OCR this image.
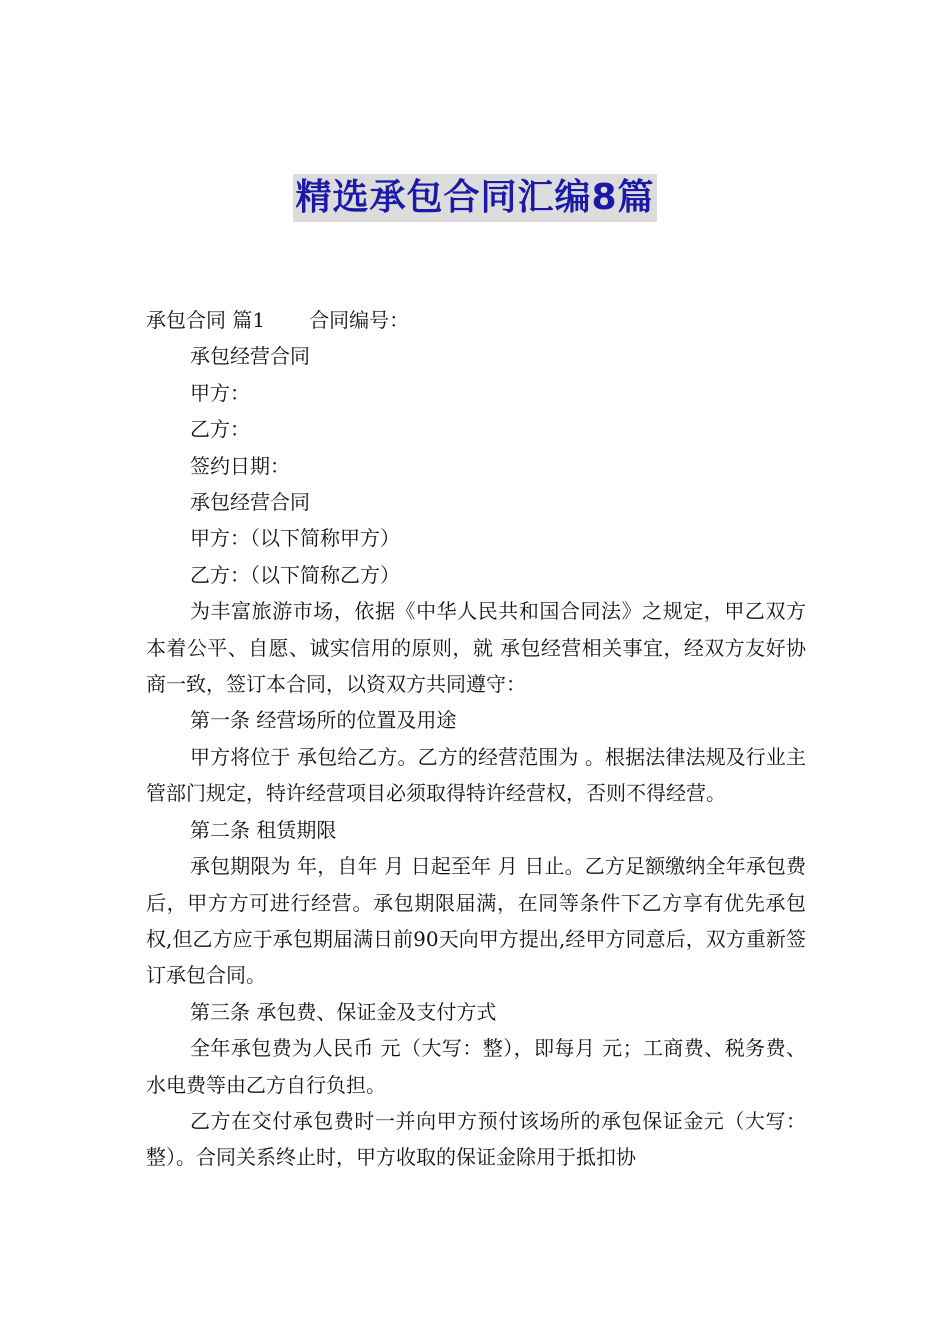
精选承包合同汇编8篇

承包合同 篇1 合同编号：

承包经营合同

甲方：

乙方：

签约日期：

承包经营合同

甲方：（以下简称甲方）

乙方：（以下简称乙方）

为丰富旅游市场，依据《中华人民共和国合同法》之规定，甲乙双方本着公平、自愿、诚实信用的原则，就 承包经营相关事宜，经双方友好协商一致，签订本合同，以资双方共同遵守：

第一条 经营场所的位置及用途

甲方将位于 承包给乙方。乙方的经营范围为 。根据法律法规及行业主管部门规定，特许经营项目必须取得特许经营权，否则不得经营。

第二条 租赁期限

承包期限为 年，自年 月 日起至年 月 日止。乙方足额缴纳全年承包费后，甲方方可进行经营。承包期限届满，在同等条件下乙方享有优先承包权,但乙方应于承包期届满日前90天向甲方提出,经甲方同意后，双方重新签订承包合同。

第三条 承包费、保证金及支付方式

全年承包费为人民币 元（大写：整），即每月 元；工商费、税务费、水电费等由乙方自行负担。

乙方在交付承包费时一并向甲方预付该场所的承包保证金元（大写： 整）。合同关系终止时，甲方收取的保证金除用于抵扣协
